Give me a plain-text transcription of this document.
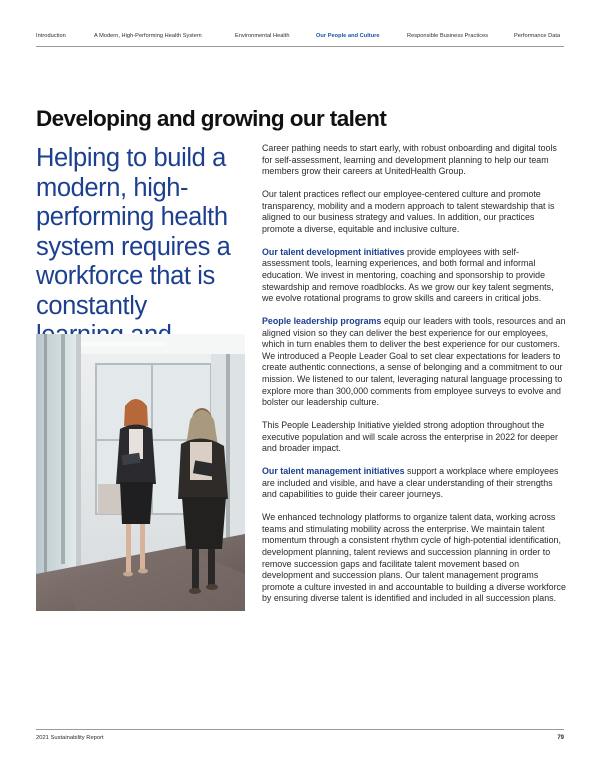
Introduction	A Modern, High-Performing Health System	Environmental Health	Our People and Culture	Responsible Business Practices	Performance Data
Developing and growing our talent
Helping to build a modern, high-performing health system requires a workforce that is constantly

Career pathing needs to start early, with robust onboarding and digital tools for self-assessment, learning and development planning to help our team members grow their careers at UnitedHealth Group.

Our talent practices reflect our employee-centered culture and promote transparency, mobility and a modern approach to talent stewardship that is aligned to our business strategy and values. In addition, our practices promote a diverse, equitable and inclusive culture.

Our talent development initiatives provide employees with self-assessment tools, learning experiences, and both formal and informal education. We invest in mentoring, coaching and sponsorship to provide stewardship and remove roadblocks. As we grow our key talent segments, we evolve rotational programs to grow skills and careers in critical jobs.

People leadership programs equip our leaders with tools, resources and an aligned vision so they can deliver the best experience for our employees, which in turn enables them to deliver the best experience for our customers. We introduced a People Leader Goal to set clear expectations for leaders to create authentic connections, a sense of belonging and a commitment to our mission. We listened to our talent, leveraging natural language processing to explore more than 300,000 comments from employee surveys to evolve and bolster our leadership culture.

This People Leadership Initiative yielded strong adoption throughout the executive population and will scale across the enterprise in 2022 for deeper and broader impact.

Our talent management initiatives support a workplace where employees are included and visible, and have a clear understanding of their strengths and capabilities to guide their career journeys.

We enhanced technology platforms to organize talent data, working across teams and stimulating mobility across the enterprise. We maintain talent momentum through a consistent rhythm cycle of high-potential identification, development planning, talent reviews and succession planning in order to remove succession gaps and facilitate talent movement based on development and succession plans. Our talent management programs promote a culture invested in and accountable to building a diverse workforce by ensuring diverse talent is identified and included in all succession plans.

2021 Sustainability Report	79
